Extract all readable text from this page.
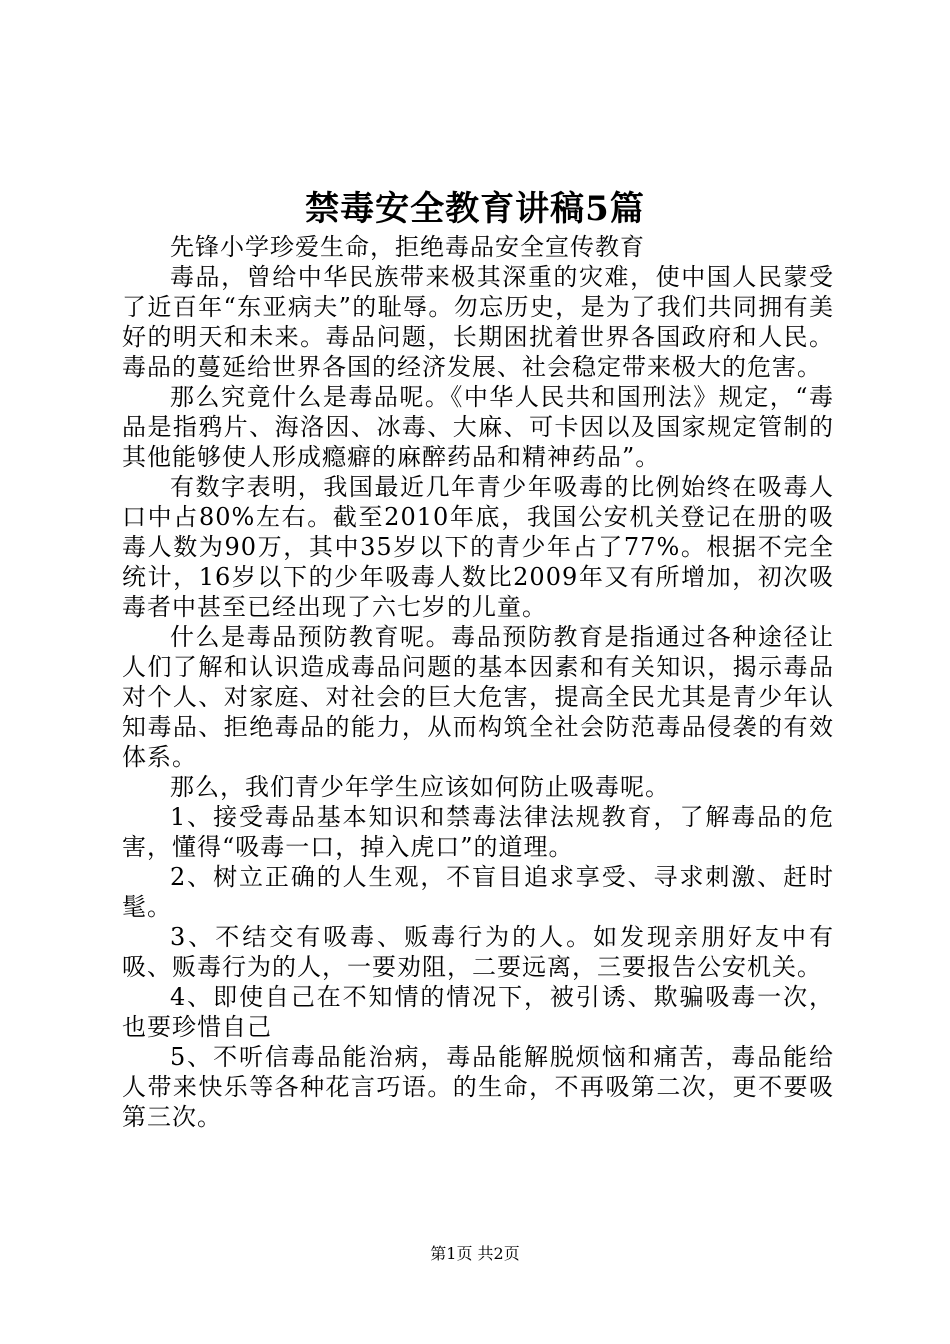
禁毒安全教育讲稿5篇

先锋小学珍爱生命，拒绝毒品安全宣传教育

毒品，曾给中华民族带来极其深重的灾难，使中国人民蒙受了近百年“东亚病夫”的耻辱。勿忘历史，是为了我们共同拥有美好的明天和未来。毒品问题，长期困扰着世界各国政府和人民。毒品的蔓延给世界各国的经济发展、社会稳定带来极大的危害。

那么究竟什么是毒品呢。《中华人民共和国刑法》规定，“毒品是指鸦片、海洛因、冰毒、大麻、可卡因以及国家规定管制的其他能够使人形成瘾癖的麻醉药品和精神药品”。

有数字表明，我国最近几年青少年吸毒的比例始终在吸毒人口中占80%左右。截至2010年底，我国公安机关登记在册的吸毒人数为90万，其中35岁以下的青少年占了77%。根据不完全统计，16岁以下的少年吸毒人数比2009年又有所增加，初次吸毒者中甚至已经出现了六七岁的儿童。

什么是毒品预防教育呢。毒品预防教育是指通过各种途径让人们了解和认识造成毒品问题的基本因素和有关知识，揭示毒品对个人、对家庭、对社会的巨大危害，提高全民尤其是青少年认知毒品、拒绝毒品的能力，从而构筑全社会防范毒品侵袭的有效体系。

那么，我们青少年学生应该如何防止吸毒呢。

1、接受毒品基本知识和禁毒法律法规教育，了解毒品的危害，懂得“吸毒一口，掉入虎口”的道理。

2、树立正确的人生观，不盲目追求享受、寻求刺激、赶时髦。

3、不结交有吸毒、贩毒行为的人。如发现亲朋好友中有吸、贩毒行为的人，一要劝阻，二要远离，三要报告公安机关。

4、即使自己在不知情的情况下，被引诱、欺骗吸毒一次，也要珍惜自己

5、不听信毒品能治病，毒品能解脱烦恼和痛苦，毒品能给人带来快乐等各种花言巧语。的生命，不再吸第二次，更不要吸第三次。

第1页 共2页
